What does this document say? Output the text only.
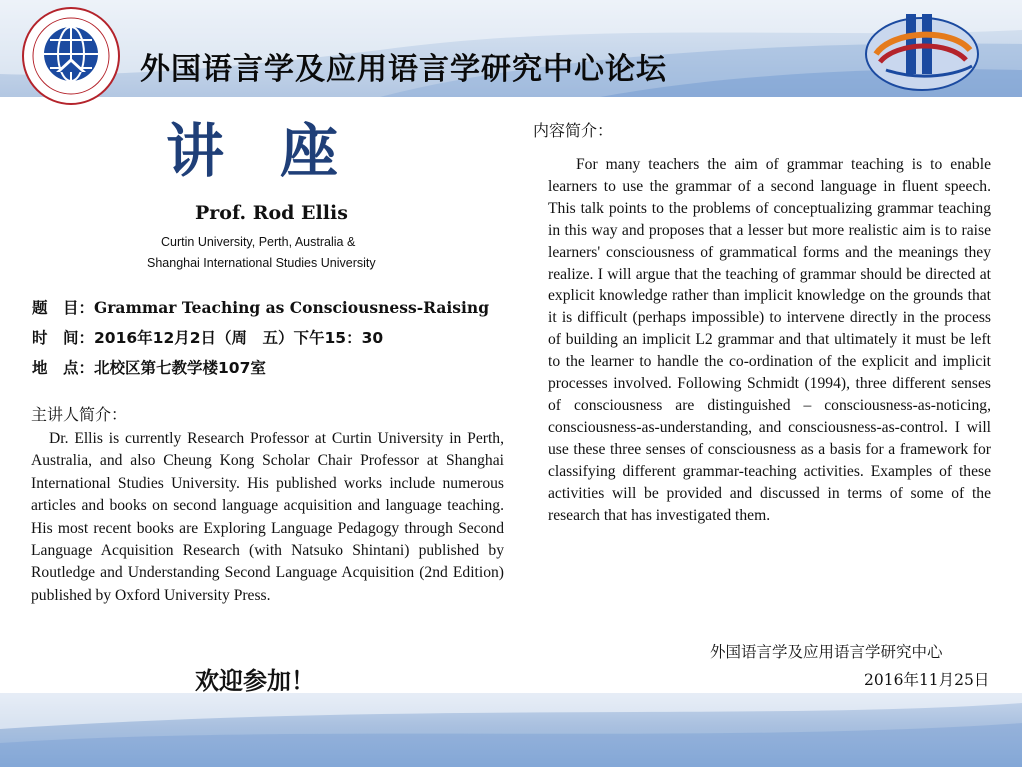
外国语言学及应用语言学研究中心论坛
讲座
Prof. Rod Ellis
Curtin University, Perth, Australia &
Shanghai International Studies University
题　目：Grammar Teaching as Consciousness-Raising
时　间：2016年12月2日（周　五）下午15：30
地　点：北校区第七教学楼107室
主讲人简介：
Dr. Ellis is currently Research Professor at Curtin University in Perth, Australia, and also Cheung Kong Scholar Chair Professor at Shanghai International Studies University. His published works include numerous articles and books on second language acquisition and language teaching. His most recent books are Exploring Language Pedagogy through Second Language Acquisition Research (with Natsuko Shintani) published by Routledge and Understanding Second Language Acquisition (2nd Edition) published by Oxford University Press.
内容简介：
For many teachers the aim of grammar teaching is to enable learners to use the grammar of a second language in fluent speech. This talk points to the problems of conceptualizing grammar teaching in this way and proposes that a lesser but more realistic aim is to raise learners' consciousness of grammatical forms and the meanings they realize. I will argue that the teaching of grammar should be directed at explicit knowledge rather than implicit knowledge on the grounds that it is difficult (perhaps impossible) to intervene directly in the process of building an implicit L2 grammar and that ultimately it must be left to the learner to handle the co-ordination of the explicit and implicit processes involved. Following Schmidt (1994), three different senses of consciousness are distinguished – consciousness-as-noticing, consciousness-as-understanding, and consciousness-as-control. I will use these three senses of consciousness as a basis for a framework for classifying different grammar-teaching activities. Examples of these activities will be provided and discussed in terms of some of the research that has investigated them.
外国语言学及应用语言学研究中心
2016年11月25日
欢迎参加！
